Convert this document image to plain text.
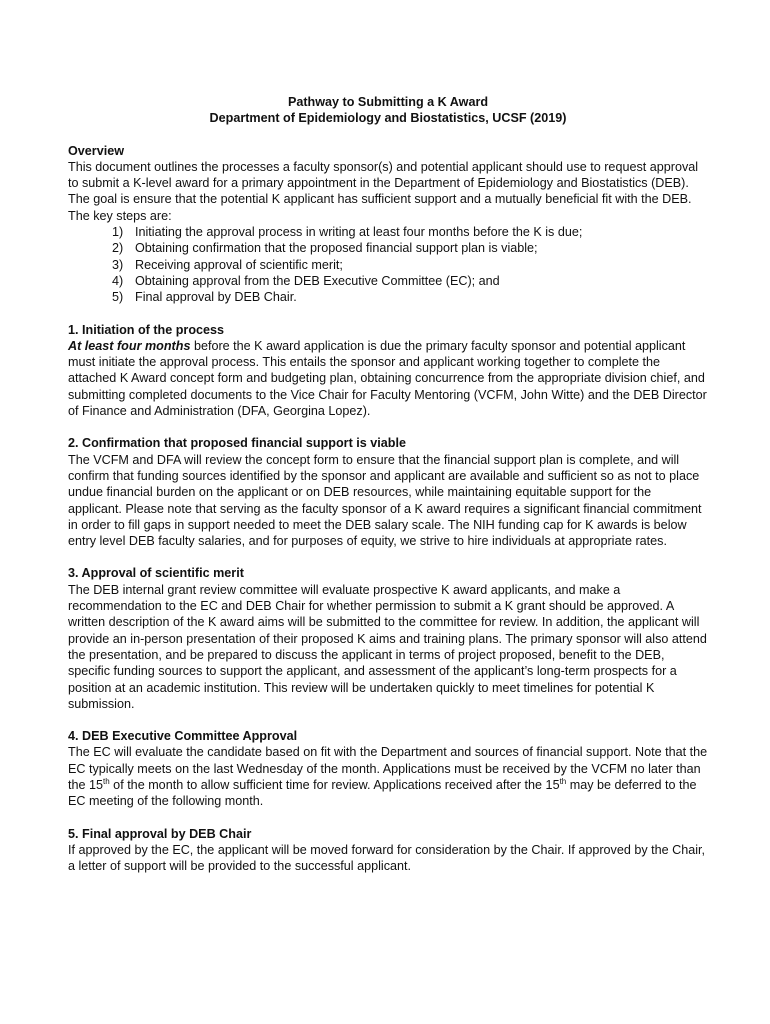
Pathway to Submitting a K Award

Department of Epidemiology and Biostatistics, UCSF (2019)

Overview

This document outlines the processes a faculty sponsor(s) and potential applicant should use to request approval to submit a K-level award for a primary appointment in the Department of Epidemiology and Biostatistics (DEB). The goal is ensure that the potential K applicant has sufficient support and a mutually beneficial fit with the DEB. The key steps are:

1) Initiating the approval process in writing at least four months before the K is due;
2) Obtaining confirmation that the proposed financial support plan is viable;
3) Receiving approval of scientific merit;
4) Obtaining approval from the DEB Executive Committee (EC); and
5) Final approval by DEB Chair.

1. Initiation of the process

At least four months before the K award application is due the primary faculty sponsor and potential applicant must initiate the approval process. This entails the sponsor and applicant working together to complete the attached K Award concept form and budgeting plan, obtaining concurrence from the appropriate division chief, and submitting completed documents to the Vice Chair for Faculty Mentoring (VCFM, John Witte) and the DEB Director of Finance and Administration (DFA, Georgina Lopez).

2. Confirmation that proposed financial support is viable

The VCFM and DFA will review the concept form to ensure that the financial support plan is complete, and will confirm that funding sources identified by the sponsor and applicant are available and sufficient so as not to place undue financial burden on the applicant or on DEB resources, while maintaining equitable support for the applicant. Please note that serving as the faculty sponsor of a K award requires a significant financial commitment in order to fill gaps in support needed to meet the DEB salary scale. The NIH funding cap for K awards is below entry level DEB faculty salaries, and for purposes of equity, we strive to hire individuals at appropriate rates.

3. Approval of scientific merit

The DEB internal grant review committee will evaluate prospective K award applicants, and make a recommendation to the EC and DEB Chair for whether permission to submit a K grant should be approved. A written description of the K award aims will be submitted to the committee for review. In addition, the applicant will provide an in-person presentation of their proposed K aims and training plans. The primary sponsor will also attend the presentation, and be prepared to discuss the applicant in terms of project proposed, benefit to the DEB, specific funding sources to support the applicant, and assessment of the applicant’s long-term prospects for a position at an academic institution. This review will be undertaken quickly to meet timelines for potential K submission.

4. DEB Executive Committee Approval

The EC will evaluate the candidate based on fit with the Department and sources of financial support. Note that the EC typically meets on the last Wednesday of the month. Applications must be received by the VCFM no later than the 15th of the month to allow sufficient time for review. Applications received after the 15th may be deferred to the EC meeting of the following month.

5. Final approval by DEB Chair

If approved by the EC, the applicant will be moved forward for consideration by the Chair. If approved by the Chair, a letter of support will be provided to the successful applicant.
